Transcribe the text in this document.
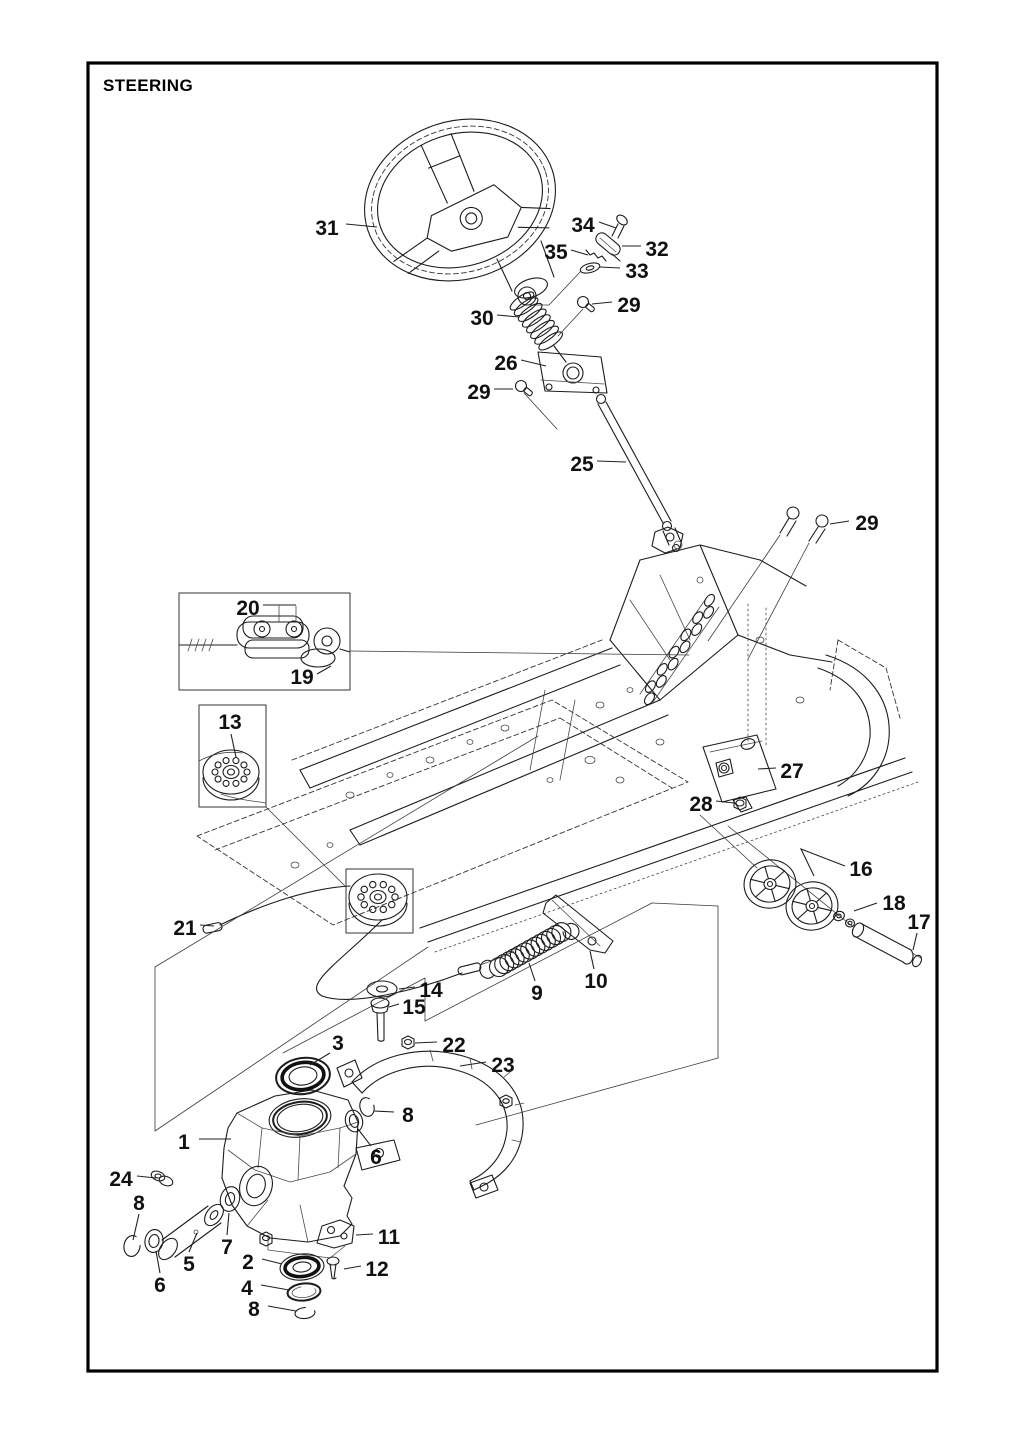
STEERING
31	34
32
35
33
29
30
26
29
25
29
20
19
13
27
28
16
18
17
21
14	10
9
15
3	22
23
8
1
6
24
8
11
7
2	12
5
4
6
8
